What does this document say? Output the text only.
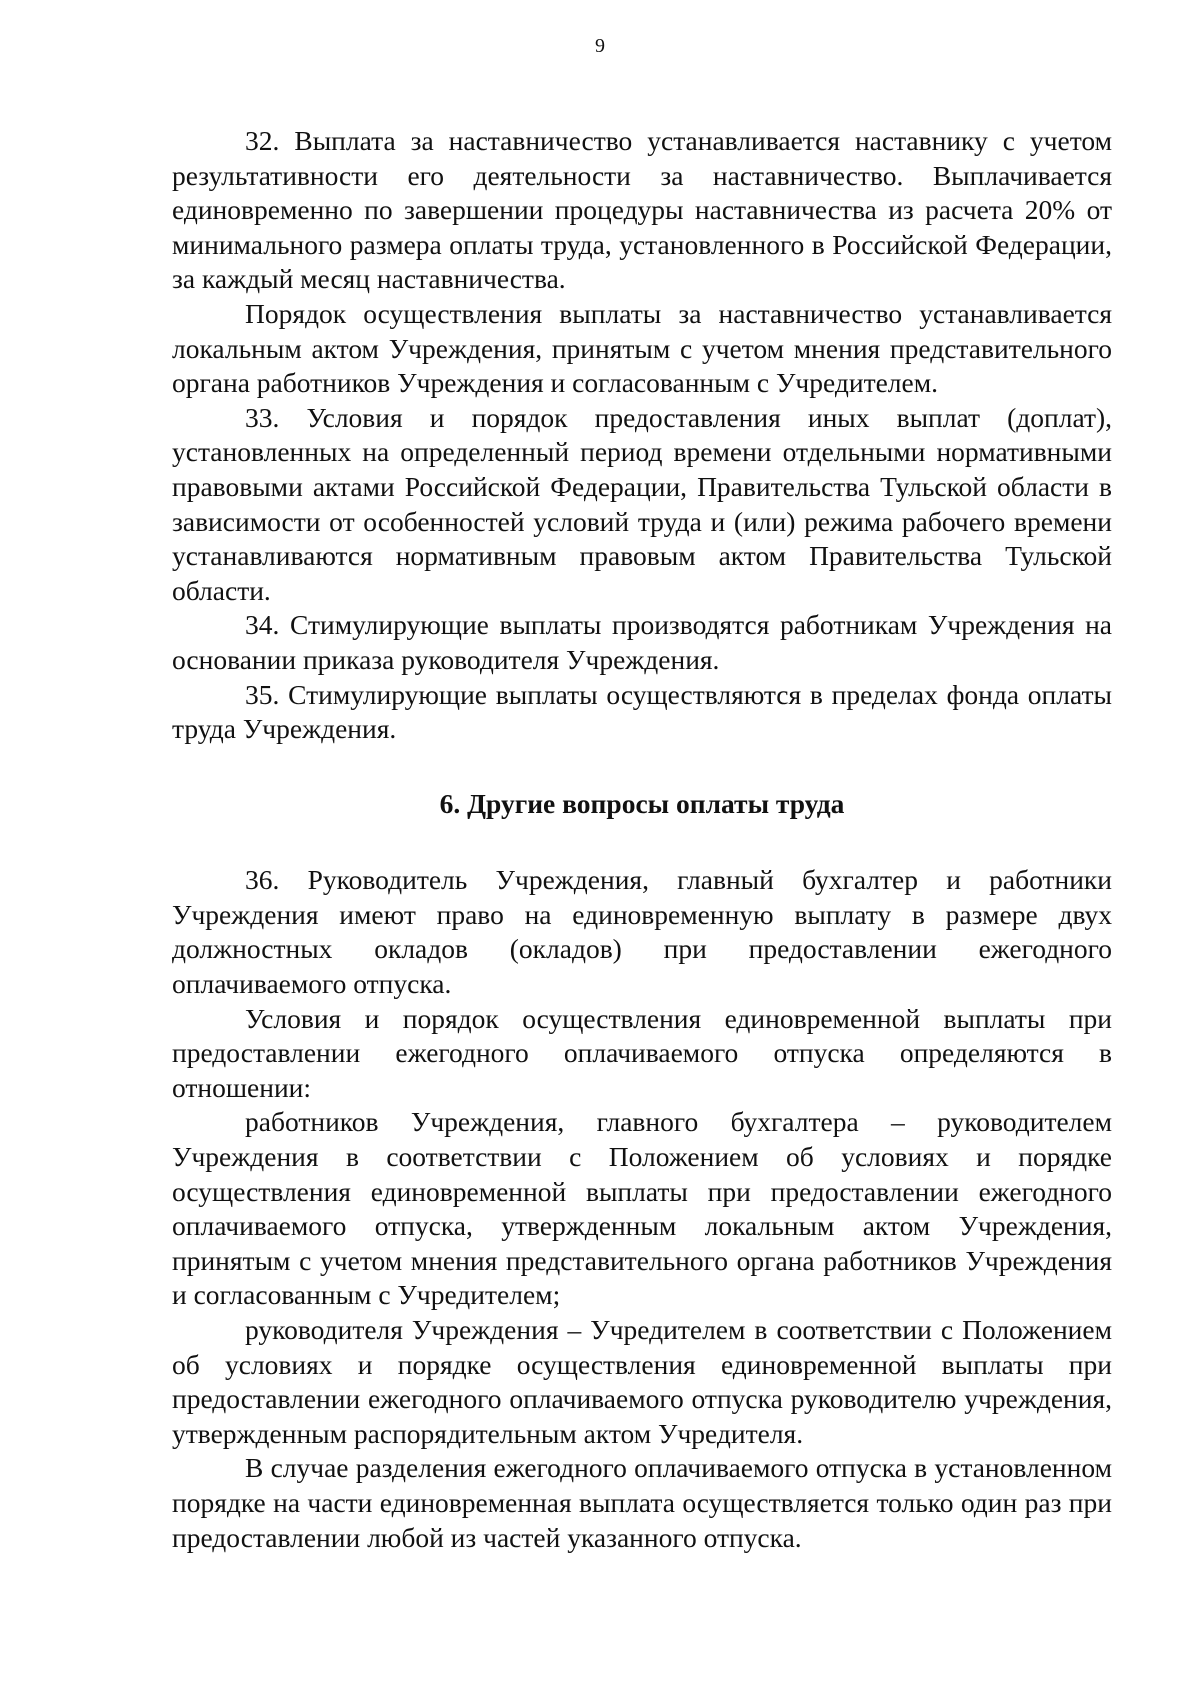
9

32. Выплата за наставничество устанавливается наставнику с учетом результативности его деятельности за наставничество. Выплачивается единовременно по завершении процедуры наставничества из расчета 20% от минимального размера оплаты труда, установленного в Российской Федерации, за каждый месяц наставничества.

Порядок осуществления выплаты за наставничество устанавливается локальным актом Учреждения, принятым с учетом мнения представительного органа работников Учреждения и согласованным с Учредителем.

33. Условия и порядок предоставления иных выплат (доплат), установленных на определенный период времени отдельными нормативными правовыми актами Российской Федерации, Правительства Тульской области в зависимости от особенностей условий труда и (или) режима рабочего времени устанавливаются нормативным правовым актом Правительства Тульской области.

34. Стимулирующие выплаты производятся работникам Учреждения на основании приказа руководителя Учреждения.

35. Стимулирующие выплаты осуществляются в пределах фонда оплаты труда Учреждения.

6. Другие вопросы оплаты труда

36. Руководитель Учреждения, главный бухгалтер и работники Учреждения имеют право на единовременную выплату в размере двух должностных окладов (окладов) при предоставлении ежегодного оплачиваемого отпуска.

Условия и порядок осуществления единовременной выплаты при предоставлении ежегодного оплачиваемого отпуска определяются в отношении:

работников Учреждения, главного бухгалтера – руководителем Учреждения в соответствии с Положением об условиях и порядке осуществления единовременной выплаты при предоставлении ежегодного оплачиваемого отпуска, утвержденным локальным актом Учреждения, принятым с учетом мнения представительного органа работников Учреждения и согласованным с Учредителем;

руководителя Учреждения – Учредителем в соответствии с Положением об условиях и порядке осуществления единовременной выплаты при предоставлении ежегодного оплачиваемого отпуска руководителю учреждения, утвержденным распорядительным актом Учредителя.

В случае разделения ежегодного оплачиваемого отпуска в установленном порядке на части единовременная выплата осуществляется только один раз при предоставлении любой из частей указанного отпуска.
